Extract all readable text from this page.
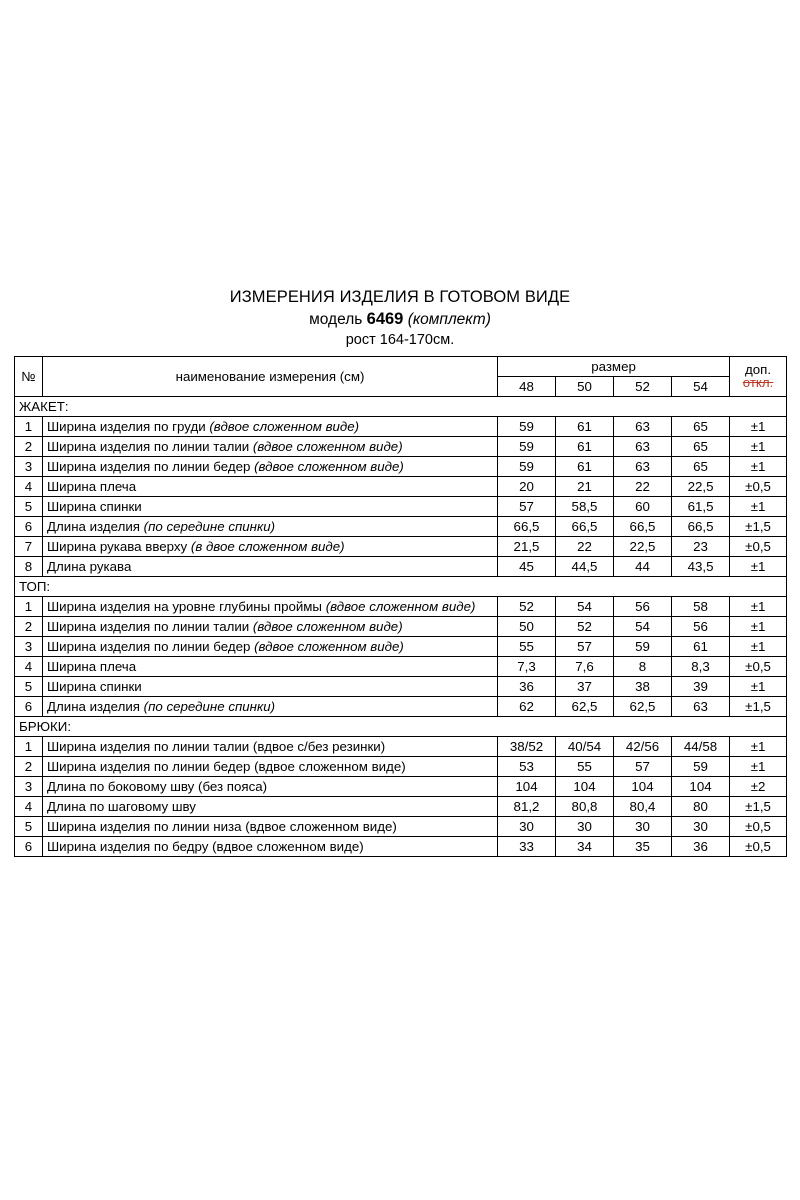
ИЗМЕРЕНИЯ ИЗДЕЛИЯ В ГОТОВОМ ВИДЕ
модель 6469 (комплект)
рост 164-170см.
№	наименование измерения (см)	размер				доп.
откл.
		48	50	52	54	
ЖАКЕТ:						
1	Ширина изделия по груди (вдвое сложенном виде)	59	61	63	65	±1
2	Ширина изделия по линии талии (вдвое сложенном виде)	59	61	63	65	±1
3	Ширина изделия по линии бедер (вдвое сложенном виде)	59	61	63	65	±1
4	Ширина плеча	20	21	22	22,5	±0,5
5	Ширина спинки	57	58,5	60	61,5	±1
6	Длина изделия (по середине спинки)	66,5	66,5	66,5	66,5	±1,5
7	Ширина рукава вверху (в двое сложенном виде)	21,5	22	22,5	23	±0,5
8	Длина рукава	45	44,5	44	43,5	±1
ТОП:						
1	Ширина изделия на уровне глубины проймы (вдвое сложенном виде)	52	54	56	58	±1
2	Ширина изделия по линии талии (вдвое сложенном виде)	50	52	54	56	±1
3	Ширина изделия по линии бедер (вдвое сложенном виде)	55	57	59	61	±1
4	Ширина плеча	7,3	7,6	8	8,3	±0,5
5	Ширина спинки	36	37	38	39	±1
6	Длина изделия (по середине спинки)	62	62,5	62,5	63	±1,5
БРЮКИ:						
1	Ширина изделия по линии талии (вдвое с/без резинки)	38/52	40/54	42/56	44/58	±1
2	Ширина изделия по линии бедер (вдвое сложенном виде)	53	55	57	59	±1
3	Длина по боковому шву (без пояса)	104	104	104	104	±2
4	Длина по шаговому шву	81,2	80,8	80,4	80	±1,5
5	Ширина изделия по линии низа (вдвое сложенном виде)	30	30	30	30	±0,5
6	Ширина изделия по бедру (вдвое сложенном виде)	33	34	35	36	±0,5
